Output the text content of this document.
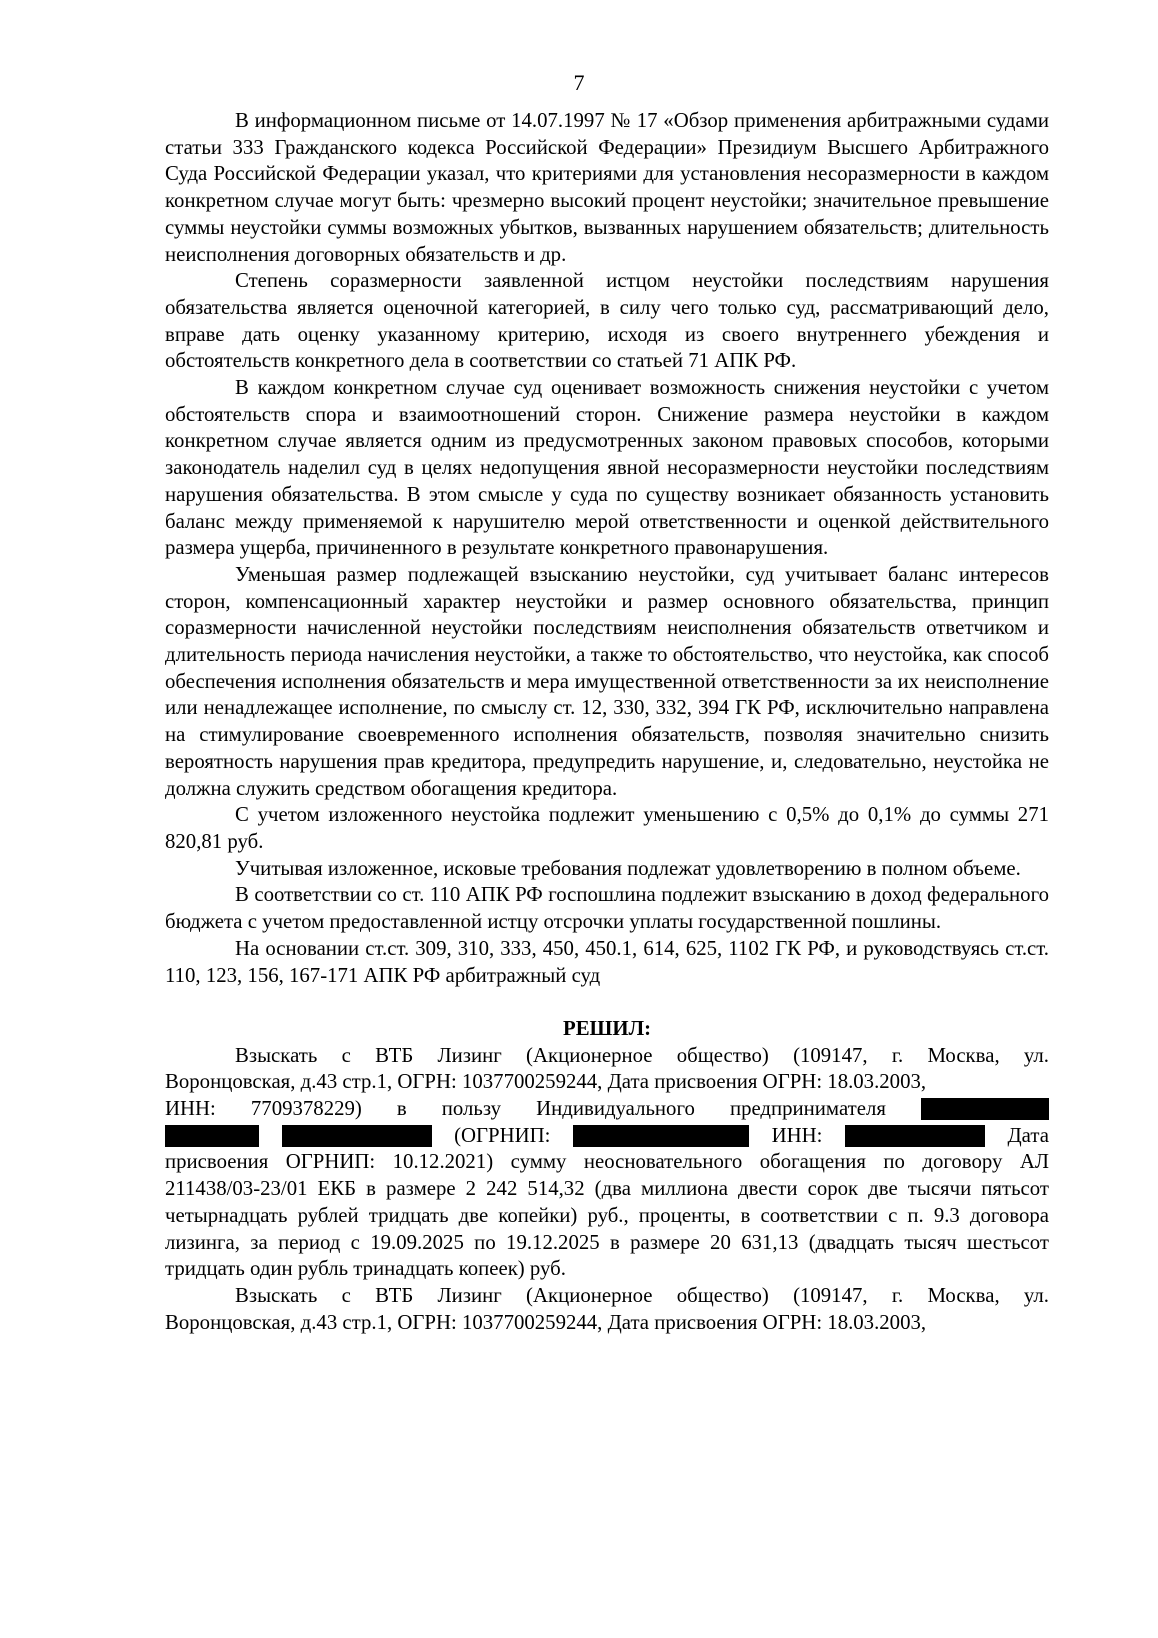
7

В информационном письме от 14.07.1997 № 17 «Обзор применения арбитражными судами статьи 333 Гражданского кодекса Российской Федерации» Президиум Высшего Арбитражного Суда Российской Федерации указал, что критериями для установления несоразмерности в каждом конкретном случае могут быть: чрезмерно высокий процент неустойки; значительное превышение суммы неустойки суммы возможных убытков, вызванных нарушением обязательств; длительность неисполнения договорных обязательств и др.

Степень соразмерности заявленной истцом неустойки последствиям нарушения обязательства является оценочной категорией, в силу чего только суд, рассматривающий дело, вправе дать оценку указанному критерию, исходя из своего внутреннего убеждения и обстоятельств конкретного дела в соответствии со статьей 71 АПК РФ.

В каждом конкретном случае суд оценивает возможность снижения неустойки с учетом обстоятельств спора и взаимоотношений сторон. Снижение размера неустойки в каждом конкретном случае является одним из предусмотренных законом правовых способов, которыми законодатель наделил суд в целях недопущения явной несоразмерности неустойки последствиям нарушения обязательства. В этом смысле у суда по существу возникает обязанность установить баланс между применяемой к нарушителю мерой ответственности и оценкой действительного размера ущерба, причиненного в результате конкретного правонарушения.

Уменьшая размер подлежащей взысканию неустойки, суд учитывает баланс интересов сторон, компенсационный характер неустойки и размер основного обязательства, принцип соразмерности начисленной неустойки последствиям неисполнения обязательств ответчиком и длительность периода начисления неустойки, а также то обстоятельство, что неустойка, как способ обеспечения исполнения обязательств и мера имущественной ответственности за их неисполнение или ненадлежащее исполнение, по смыслу ст. 12, 330, 332, 394 ГК РФ, исключительно направлена на стимулирование своевременного исполнения обязательств, позволяя значительно снизить вероятность нарушения прав кредитора, предупредить нарушение, и, следовательно, неустойка не должна служить средством обогащения кредитора.

С учетом изложенного неустойка подлежит уменьшению с 0,5% до 0,1% до суммы 271 820,81 руб.

Учитывая изложенное, исковые требования подлежат удовлетворению в полном объеме.

В соответствии со ст. 110 АПК РФ госпошлина подлежит взысканию в доход федерального бюджета с учетом предоставленной истцу отсрочки уплаты государственной пошлины.

На основании ст.ст. 309, 310, 333, 450, 450.1, 614, 625, 1102 ГК РФ, и руководствуясь ст.ст. 110, 123, 156, 167-171 АПК РФ арбитражный суд

РЕШИЛ:

Взыскать с ВТБ Лизинг (Акционерное общество) (109147, г. Москва, ул.
Воронцовская, д.43 стр.1, ОГРН: 1037700259244, Дата присвоения ОГРН: 18.03.2003,
ИНН: 7709378229) в пользу Индивидуального предпринимателя
(ОГРНИП:	ИНН:	Дата

присвоения ОГРНИП: 10.12.2021) сумму неосновательного обогащения по договору АЛ 211438/03-23/01 ЕКБ в размере 2 242 514,32 (два миллиона двести сорок две тысячи пятьсот четырнадцать рублей тридцать две копейки) руб., проценты, в соответствии с п. 9.3 договора лизинга, за период с 19.09.2025 по 19.12.2025 в размере 20 631,13 (двадцать тысяч шестьсот тридцать один рубль тринадцать копеек) руб.

Взыскать с ВТБ Лизинг (Акционерное общество) (109147, г. Москва, ул.
Воронцовская, д.43 стр.1, ОГРН: 1037700259244, Дата присвоения ОГРН: 18.03.2003,
